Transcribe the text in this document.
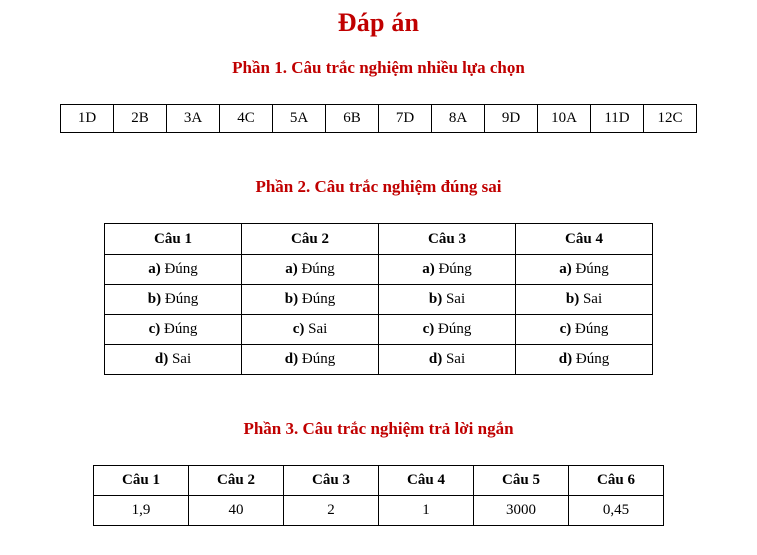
Đáp án
Phần 1. Câu trắc nghiệm nhiều lựa chọn
1D	2B	3A	4C	5A	6B	7D	8A	9D	10A	11D	12C
Phần 2. Câu trắc nghiệm đúng sai
Câu 1	Câu 2	Câu 3	Câu 4
a) Đúng	a) Đúng	a) Đúng	a) Đúng
b) Đúng	b) Đúng	b) Sai	b) Sai
c) Đúng	c) Sai	c) Đúng	c) Đúng
d) Sai	d) Đúng	d) Sai	d) Đúng
Phần 3. Câu trắc nghiệm trả lời ngắn
Câu 1	Câu 2	Câu 3	Câu 4	Câu 5	Câu 6
1,9	40	2	1	3000	0,45
